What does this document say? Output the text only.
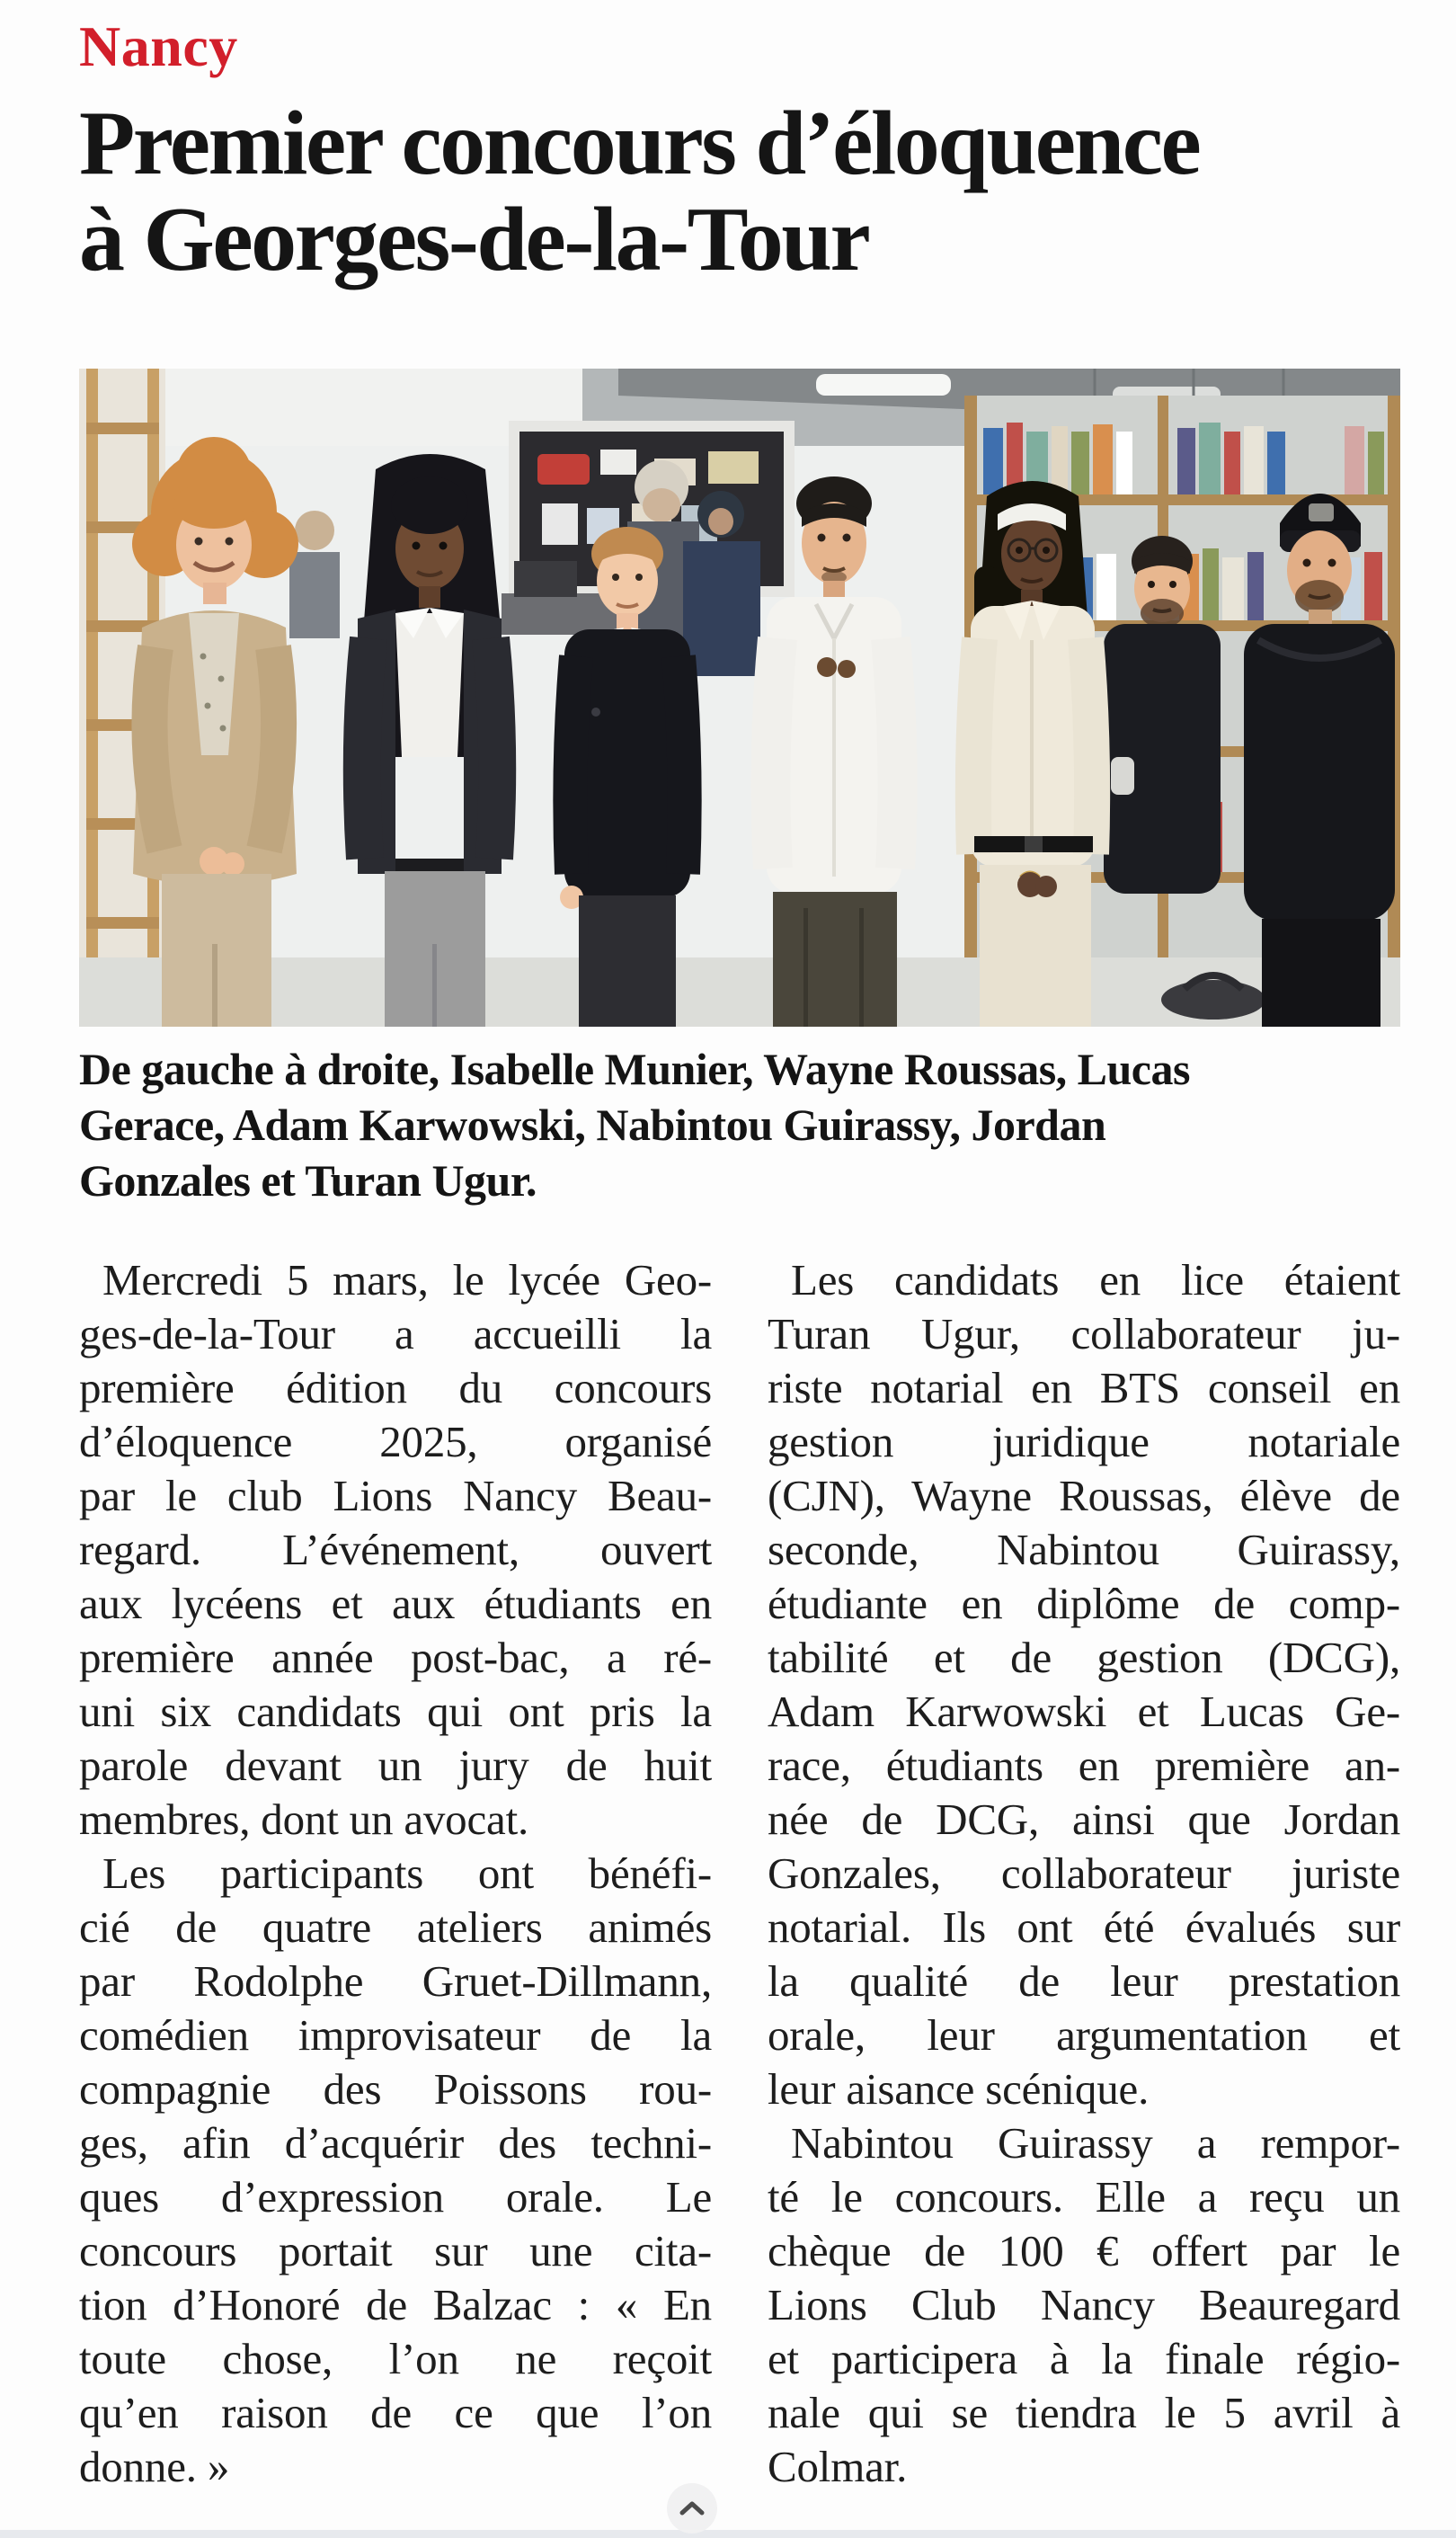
Nancy
Premier concours d’éloquence
à Georges-de-la-Tour
De gauche à droite, Isabelle Munier, Wayne Roussas, Lucas
Gerace, Adam Karwowski, Nabintou Guirassy, Jordan
Gonzales et Turan Ugur.
Mercredi 5 mars, le lycée Geo-
ges-de-la-Tour a accueilli la
première édition du concours
d’éloquence 2025, organisé
par le club Lions Nancy Beau-
regard. L’événement, ouvert
aux lycéens et aux étudiants en
première année post-bac, a ré-
uni six candidats qui ont pris la
parole devant un jury de huit
membres, dont un avocat.
Les participants ont bénéfi-
cié de quatre ateliers animés
par Rodolphe Gruet-Dillmann,
comédien improvisateur de la
compagnie des Poissons rou-
ges, afin d’acquérir des techni-
ques d’expression orale. Le
concours portait sur une cita-
tion d’Honoré de Balzac : « En
toute chose, l’on ne reçoit
qu’en raison de ce que l’on
donne. »
Les candidats en lice étaient
Turan Ugur, collaborateur ju-
riste notarial en BTS conseil en
gestion juridique notariale
(CJN), Wayne Roussas, élève de
seconde, Nabintou Guirassy,
étudiante en diplôme de comp-
tabilité et de gestion (DCG),
Adam Karwowski et Lucas Ge-
race, étudiants en première an-
née de DCG, ainsi que Jordan
Gonzales, collaborateur juriste
notarial. Ils ont été évalués sur
la qualité de leur prestation
orale, leur argumentation et
leur aisance scénique.
Nabintou Guirassy a rempor-
té le concours. Elle a reçu un
chèque de 100 € offert par le
Lions Club Nancy Beauregard
et participera à la finale régio-
nale qui se tiendra le 5 avril à
Colmar.
